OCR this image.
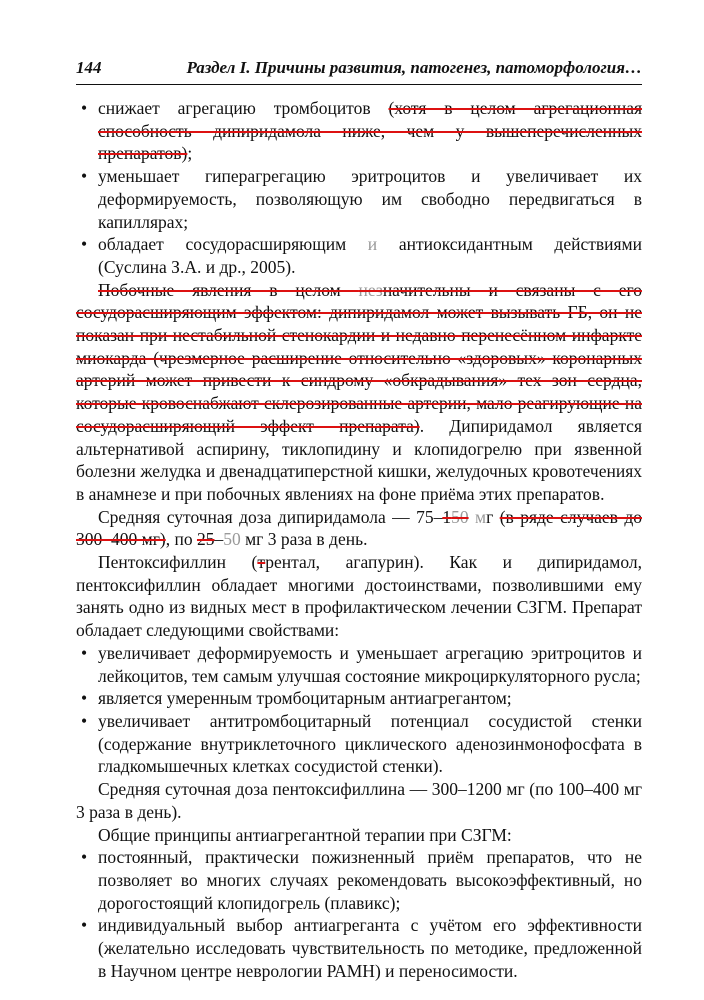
144	Раздел I. Причины развития, патогенез, патоморфология…
• снижает агрегацию тромбоцитов (хотя в целом агрегационная способность дипиридамола ниже, чем у вышеперечисленных препаратов);
• уменьшает гиперагрегацию эритроцитов и увеличивает их деформируемость, позволяющую им свободно передвигаться в капиллярах;
• обладает сосудорасширяющим и антиоксидантным действиями (Суслина З.А. и др., 2005).

Побочные явления в целом незначительны и связаны с его сосудорасширяющим эффектом: дипиридамол может вызывать ГБ, он не показан при нестабильной стенокардии и недавно перенесённом инфаркте миокарда (чрезмерное расширение относительно «здоровых» коронарных артерий может привести к синдрому «обкрадывания» тех зон сердца, которые кровоснабжают склерозированные артерии, мало реагирующие на сосудорасширяющий эффект препарата). Дипиридамол является альтернативой аспирину, тиклопидину и клопидогрелю при язвенной болезни желудка и двенадцатиперстной кишки, желудочных кровотечениях в анамнезе и при побочных явлениях на фоне приёма этих препаратов.

Средняя суточная доза дипиридамола — 75–150 мг (в ряде случаев до 300–400 мг), по 25–50 мг 3 раза в день.

Пентоксифиллин (трентал, агапурин). Как и дипиридамол, пентоксифиллин обладает многими достоинствами, позволившими ему занять одно из видных мест в профилактическом лечении СЗГМ. Препарат обладает следующими свойствами:

• увеличивает деформируемость и уменьшает агрегацию эритроцитов и лейкоцитов, тем самым улучшая состояние микроциркуляторного русла;
• является умеренным тромбоцитарным антиагрегантом;
• увеличивает антитромбоцитарный потенциал сосудистой стенки (содержание внутриклеточного циклического аденозинмонофосфата в гладкомышечных клетках сосудистой стенки).

Средняя суточная доза пентоксифиллина — 300–1200 мг (по 100–400 мг 3 раза в день).

Общие принципы антиагрегантной терапии при СЗГМ:

• постоянный, практически пожизненный приём препаратов, что не позволяет во многих случаях рекомендовать высокоэффективный, но дорогостоящий клопидогрель (плавикс);
• индивидуальный выбор антиагреганта с учётом его эффективности (желательно исследовать чувствительность по методике, предложенной в Научном центре неврологии РАМН) и переносимости.
